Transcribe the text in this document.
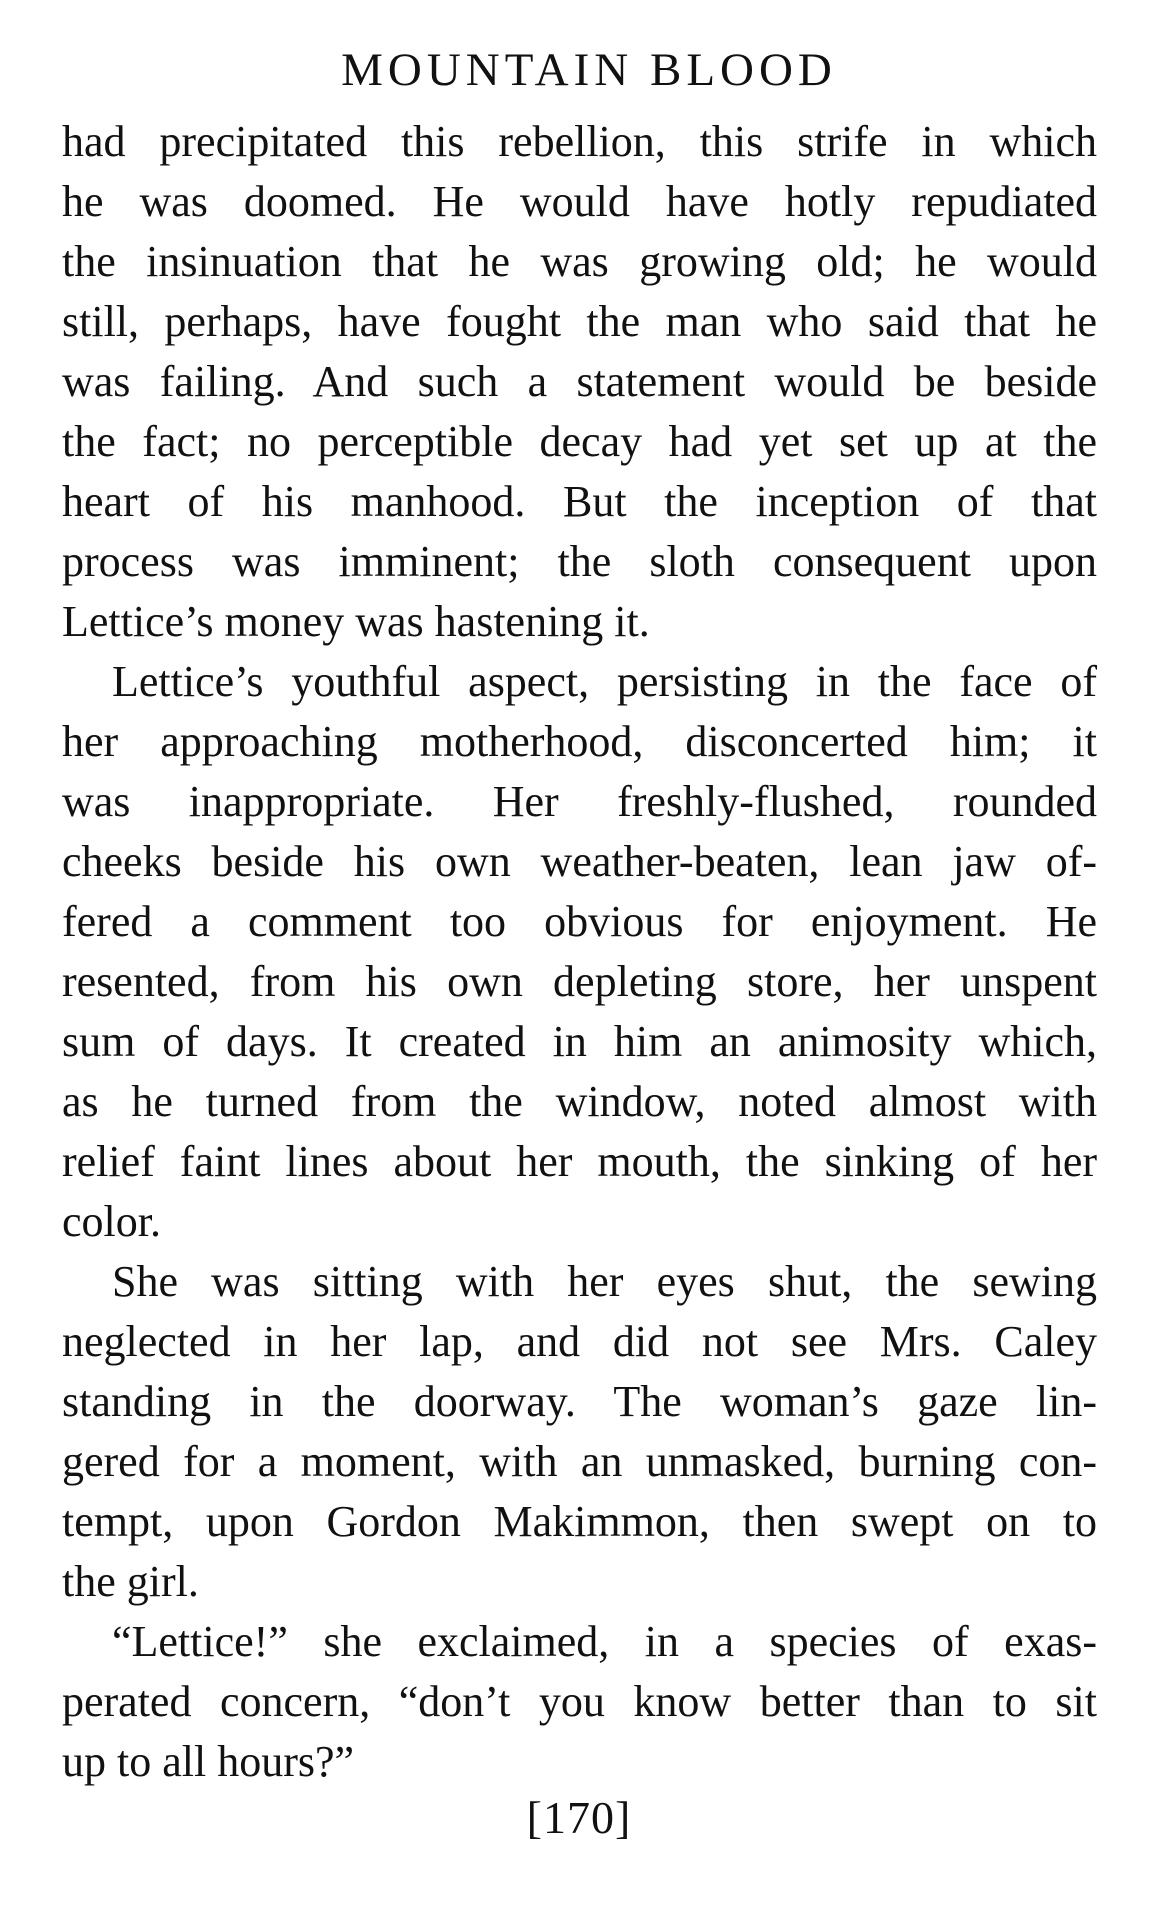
MOUNTAIN BLOOD

had precipitated this rebellion, this strife in which
he was doomed. He would have hotly repudiated
the insinuation that he was growing old; he would
still, perhaps, have fought the man who said that he
was failing. And such a statement would be beside
the fact; no perceptible decay had yet set up at the
heart of his manhood. But the inception of that
process was imminent; the sloth consequent upon
Lettice’s money was hastening it.

Lettice’s youthful aspect, persisting in the face of
her approaching motherhood, disconcerted him; it
was inappropriate. Her freshly-flushed, rounded
cheeks beside his own weather-beaten, lean jaw of-
fered a comment too obvious for enjoyment. He
resented, from his own depleting store, her unspent
sum of days. It created in him an animosity which,
as he turned from the window, noted almost with
relief faint lines about her mouth, the sinking of her
color.

She was sitting with her eyes shut, the sewing
neglected in her lap, and did not see Mrs. Caley
standing in the doorway. The woman’s gaze lin-
gered for a moment, with an unmasked, burning con-
tempt, upon Gordon Makimmon, then swept on to
the girl.

“Lettice!” she exclaimed, in a species of exas-
perated concern, “don’t you know better than to sit
up to all hours?”

[170]
